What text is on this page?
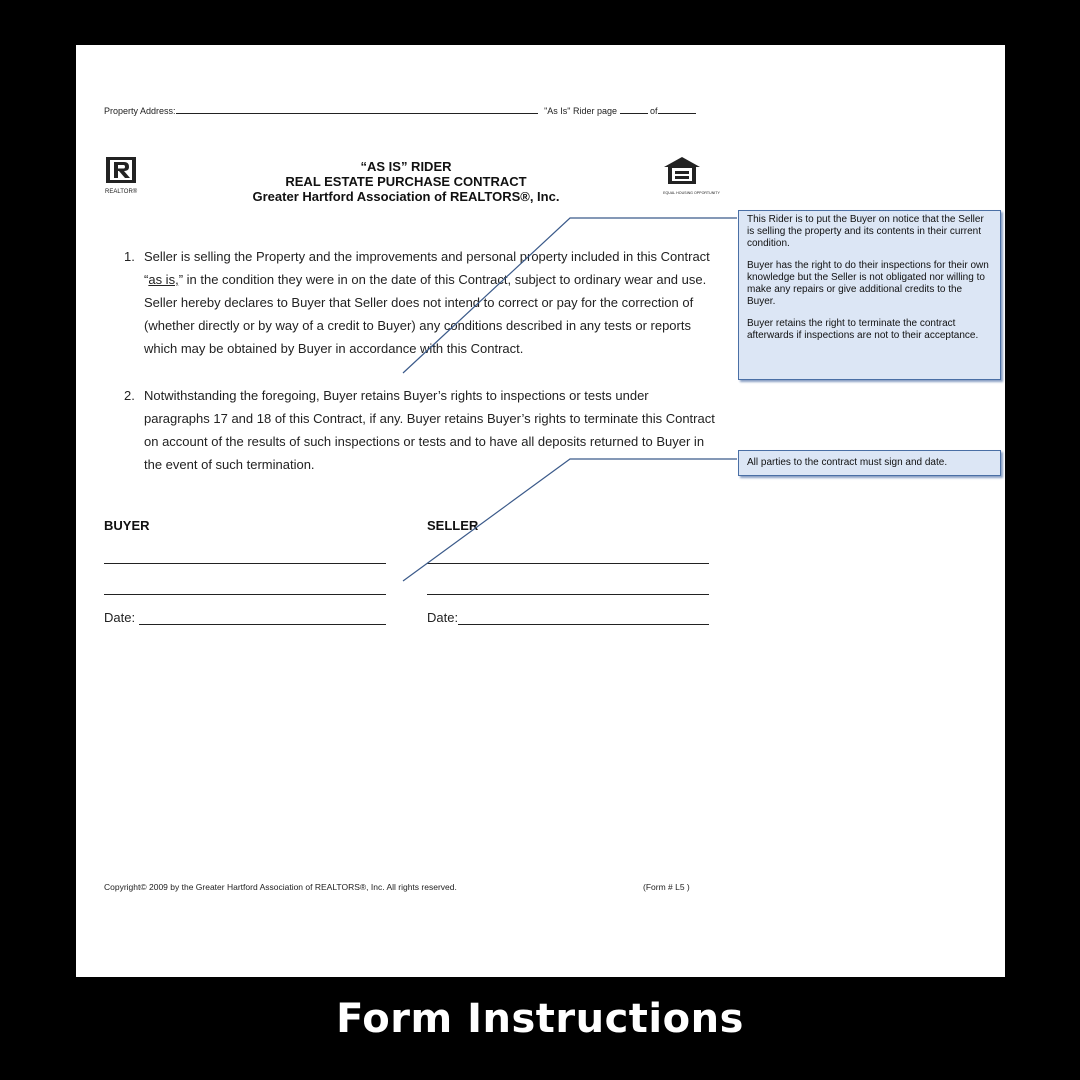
Property Address:	"As Is" Rider page	of
REALTOR®
“AS IS” RIDER
REAL ESTATE PURCHASE CONTRACT
Greater Hartford Association of REALTORS®, Inc.	EQUAL HOUSING OPPORTUNITY
1. Seller is selling the Property and the improvements and personal property included in this Contract “as is,” in the condition they were in on the date of this Contract, subject to ordinary wear and use. Seller hereby declares to Buyer that Seller does not intend to correct or pay for the correction of (whether directly or by way of a credit to Buyer) any conditions described in any tests or reports which may be obtained by Buyer in accordance with this Contract.
2. Notwithstanding the foregoing, Buyer retains Buyer’s rights to inspections or tests under paragraphs 17 and 18 of this Contract, if any. Buyer retains Buyer’s rights to terminate this Contract on account of the results of such inspections or tests and to have all deposits returned to Buyer in the event of such termination.
BUYER	SELLER
Date:	Date:

This Rider is to put the Buyer on notice that the Seller is selling the property and its contents in their current condition.

Buyer has the right to do their inspections for their own knowledge but the Seller is not obligated nor willing to make any repairs or give additional credits to the Buyer.

Buyer retains the right to terminate the contract afterwards if inspections are not to their acceptance.

All parties to the contract must sign and date.
Copyright© 2009 by the Greater Hartford Association of REALTORS®, Inc. All rights reserved.	(Form # L5 )
Form Instructions
